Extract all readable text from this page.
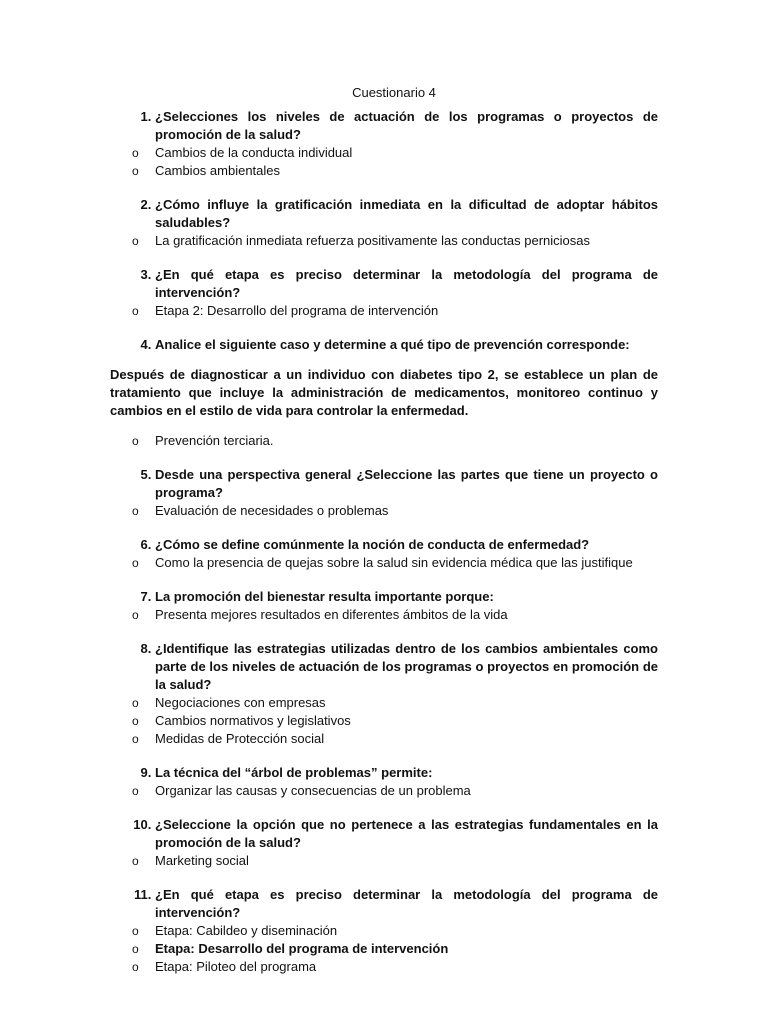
Cuestionario 4
1. ¿Selecciones los niveles de actuación de los programas o proyectos de promoción de la salud?
o	Cambios de la conducta individual
o	Cambios ambientales
2. ¿Cómo influye la gratificación inmediata en la dificultad de adoptar hábitos saludables?
o	La gratificación inmediata refuerza positivamente las conductas perniciosas
3. ¿En qué etapa es preciso determinar la metodología del programa de intervención?
o	Etapa 2: Desarrollo del programa de intervención
4. Analice el siguiente caso y determine a qué tipo de prevención corresponde:
Después de diagnosticar a un individuo con diabetes tipo 2, se establece un plan de tratamiento que incluye la administración de medicamentos, monitoreo continuo y cambios en el estilo de vida para controlar la enfermedad.
o	Prevención terciaria.
5. Desde una perspectiva general ¿Seleccione las partes que tiene un proyecto o programa?
o	Evaluación de necesidades o problemas
6. ¿Cómo se define comúnmente la noción de conducta de enfermedad?
o	Como la presencia de quejas sobre la salud sin evidencia médica que las justifique
7. La promoción del bienestar resulta importante porque:
o	Presenta mejores resultados en diferentes ámbitos de la vida
8. ¿Identifique las estrategias utilizadas dentro de los cambios ambientales como parte de los niveles de actuación de los programas o proyectos en promoción de la salud?
o	Negociaciones con empresas
o	Cambios normativos y legislativos
o	Medidas de Protección social
9. La técnica del “árbol de problemas” permite:
o	Organizar las causas y consecuencias de un problema
10. ¿Seleccione la opción que no pertenece a las estrategias fundamentales en la promoción de la salud?
o	Marketing social
11. ¿En qué etapa es preciso determinar la metodología del programa de intervención?
o	Etapa: Cabildeo y diseminación
o	Etapa: Desarrollo del programa de intervención
o	Etapa: Piloteo del programa
